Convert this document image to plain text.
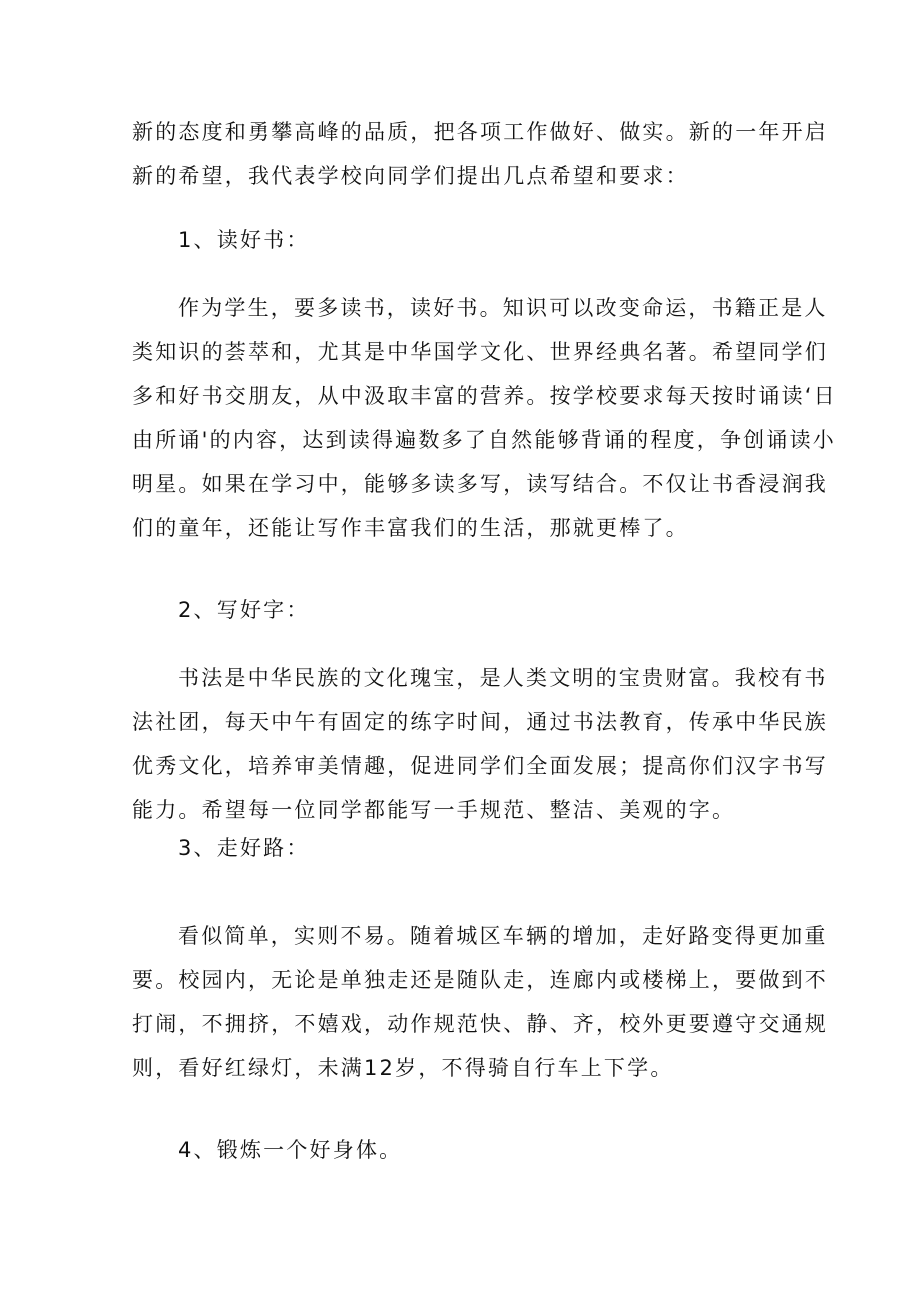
新的态度和勇攀高峰的品质，把各项工作做好、做实。新的一年开启

新的希望，我代表学校向同学们提出几点希望和要求：

1、读好书：

作为学生，要多读书，读好书。知识可以改变命运，书籍正是人

类知识的荟萃和，尤其是中华国学文化、世界经典名著。希望同学们

多和好书交朋友，从中汲取丰富的营养。按学校要求每天按时诵读‘日

由所诵'的内容，达到读得遍数多了自然能够背诵的程度，争创诵读小

明星。如果在学习中，能够多读多写，读写结合。不仅让书香浸润我

们的童年，还能让写作丰富我们的生活，那就更棒了。

2、写好字：

书法是中华民族的文化瑰宝，是人类文明的宝贵财富。我校有书

法社团，每天中午有固定的练字时间，通过书法教育，传承中华民族

优秀文化，培养审美情趣，促进同学们全面发展；提高你们汉字书写

能力。希望每一位同学都能写一手规范、整洁、美观的字。

3、走好路：

看似简单，实则不易。随着城区车辆的增加，走好路变得更加重

要。校园内，无论是单独走还是随队走，连廊内或楼梯上，要做到不

打闹，不拥挤，不嬉戏，动作规范快、静、齐，校外更要遵守交通规

则，看好红绿灯，未满12岁，不得骑自行车上下学。

4、锻炼一个好身体。
